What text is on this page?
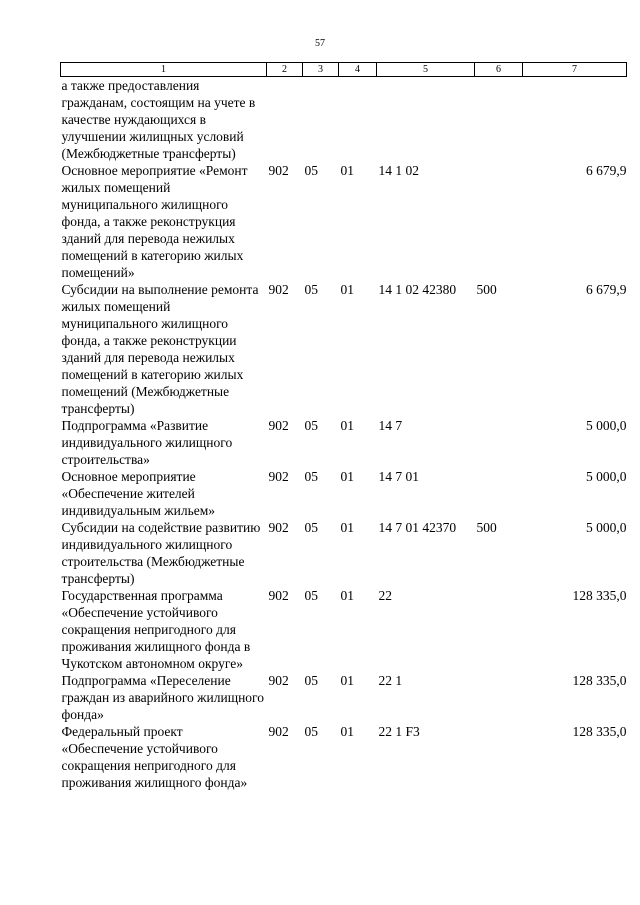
57
1	2	3	4	5	6	7
а также предоставления гражданам, состоящим на учете в качестве нуждающихся в улучшении жилищных условий (Межбюджетные трансферты)						
Основное мероприятие «Ремонт жилых помещений муниципального жилищного фонда, а также реконструкция зданий для перевода нежилых помещений в категорию жилых помещений»	902	05	01	14 1 02		6 679,9
Субсидии на выполнение ремонта жилых помещений муниципального жилищного фонда, а также реконструкции зданий для перевода нежилых помещений в категорию жилых помещений (Межбюджетные трансферты)	902	05	01	14 1 02 42380	500	6 679,9
Подпрограмма «Развитие индивидуального жилищного строительства»	902	05	01	14 7		5 000,0
Основное мероприятие «Обеспечение жителей индивидуальным жильем»	902	05	01	14 7 01		5 000,0
Субсидии на содействие развитию индивидуального жилищного строительства (Межбюджетные трансферты)	902	05	01	14 7 01 42370	500	5 000,0
Государственная программа «Обеспечение устойчивого сокращения непригодного для проживания жилищного фонда в Чукотском автономном округе»	902	05	01	22		128 335,0
Подпрограмма «Переселение граждан из аварийного жилищного фонда»	902	05	01	22 1		128 335,0
Федеральный проект «Обеспечение устойчивого сокращения непригодного для проживания жилищного фонда»	902	05	01	22 1 F3		128 335,0
